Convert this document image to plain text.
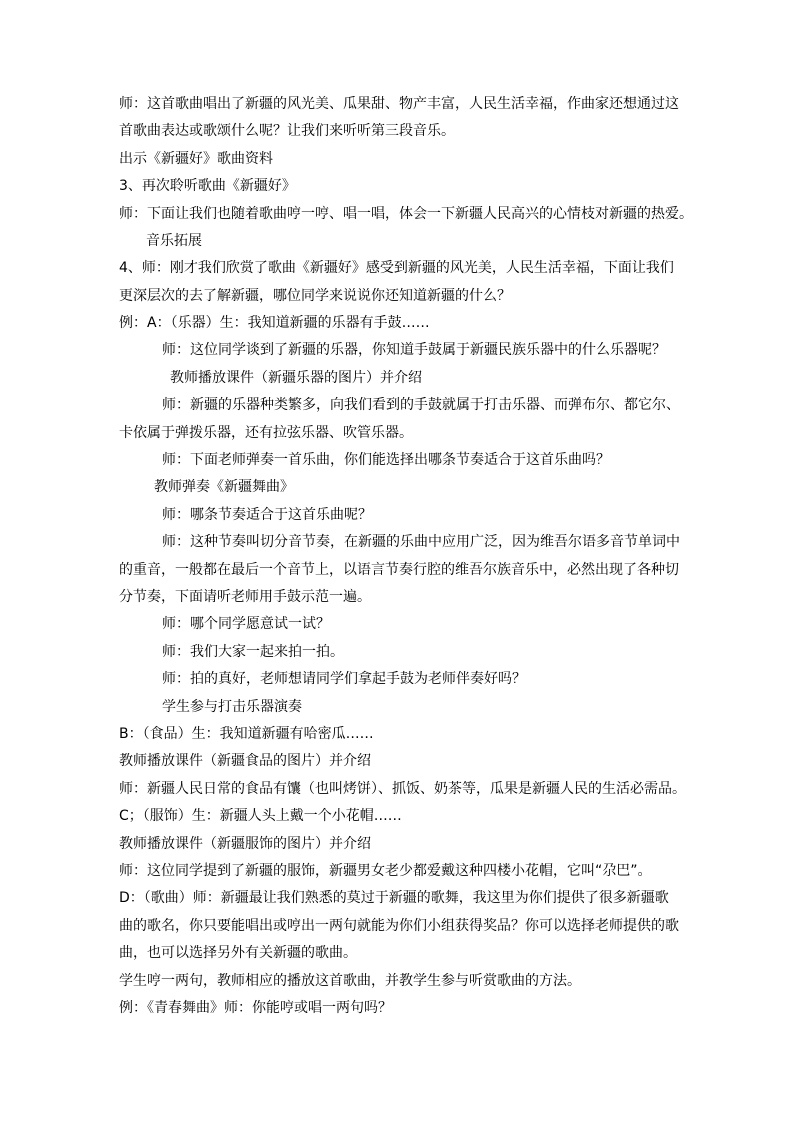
师：这首歌曲唱出了新疆的风光美、瓜果甜、物产丰富，人民生活幸福，作曲家还想通过这
首歌曲表达或歌颂什么呢？让我们来听听第三段音乐。
出示《新疆好》歌曲资料
3、再次聆听歌曲《新疆好》
师：下面让我们也随着歌曲哼一哼、唱一唱，体会一下新疆人民高兴的心情枝对新疆的热爱。
音乐拓展
4、师：刚才我们欣赏了歌曲《新疆好》感受到新疆的风光美，人民生活幸福，下面让我们
更深层次的去了解新疆，哪位同学来说说你还知道新疆的什么？
例：A：（乐器）生：我知道新疆的乐器有手鼓……
师：这位同学谈到了新疆的乐器，你知道手鼓属于新疆民族乐器中的什么乐器呢？
教师播放课件（新疆乐器的图片）并介绍
师：新疆的乐器种类繁多，向我们看到的手鼓就属于打击乐器、而弹布尔、都它尔、
卡依属于弹拨乐器，还有拉弦乐器、吹管乐器。
师：下面老师弹奏一首乐曲，你们能选择出哪条节奏适合于这首乐曲吗？
教师弹奏《新疆舞曲》
师：哪条节奏适合于这首乐曲呢？
师：这种节奏叫切分音节奏，在新疆的乐曲中应用广泛，因为维吾尔语多音节单词中
的重音，一般都在最后一个音节上，以语言节奏行腔的维吾尔族音乐中，必然出现了各种切
分节奏，下面请听老师用手鼓示范一遍。
师：哪个同学愿意试一试？
师：我们大家一起来拍一拍。
师：拍的真好，老师想请同学们拿起手鼓为老师伴奏好吗？
学生参与打击乐器演奏
B：（食品）生：我知道新疆有哈密瓜……
教师播放课件（新疆食品的图片）并介绍
师：新疆人民日常的食品有馕（也叫烤饼）、抓饭、奶茶等，瓜果是新疆人民的生活必需品。
C；（服饰）生：新疆人头上戴一个小花帽……
教师播放课件（新疆服饰的图片）并介绍
师：这位同学提到了新疆的服饰，新疆男女老少都爱戴这种四楼小花帽，它叫“尕巴”。
D：（歌曲）师：新疆最让我们熟悉的莫过于新疆的歌舞，我这里为你们提供了很多新疆歌
曲的歌名，你只要能唱出或哼出一两句就能为你们小组获得奖品？你可以选择老师提供的歌
曲，也可以选择另外有关新疆的歌曲。
学生哼一两句，教师相应的播放这首歌曲，并教学生参与听赏歌曲的方法。
例：《青春舞曲》师：你能哼或唱一两句吗？
